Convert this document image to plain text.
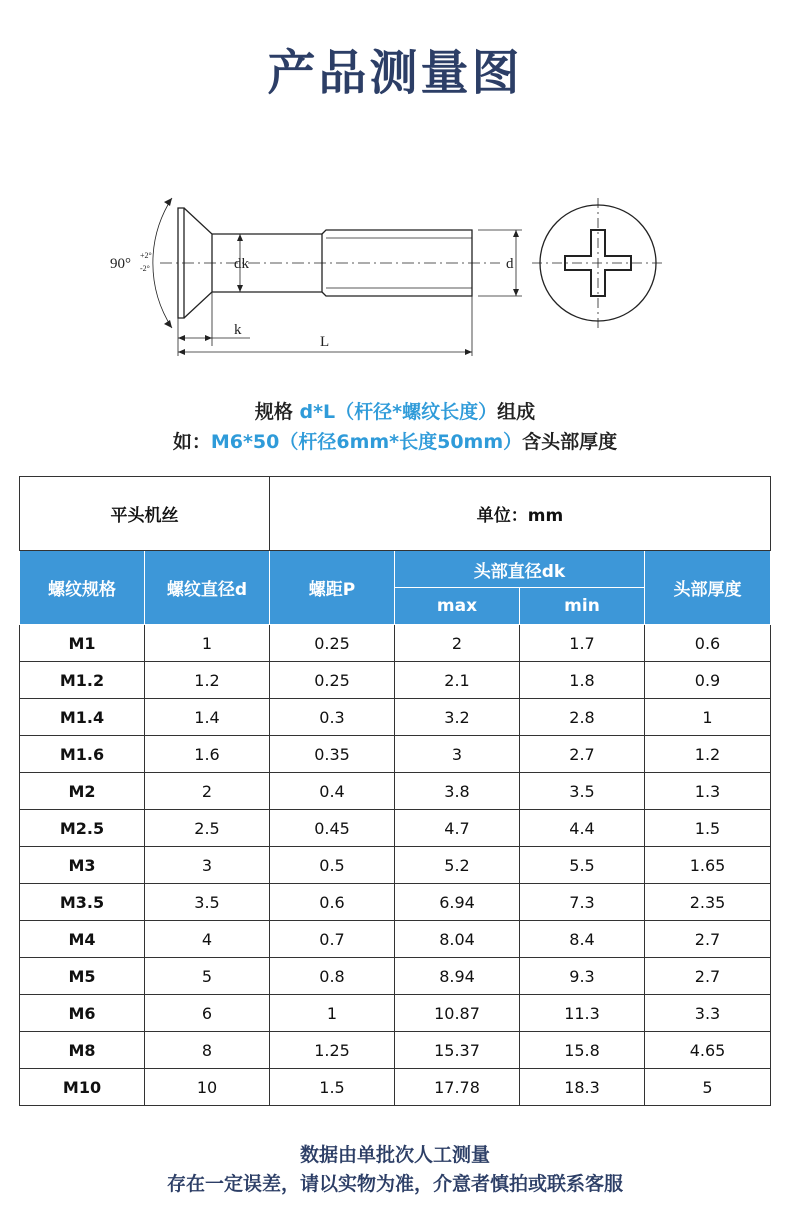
产品测量图
90°
+2°
-2°	dk	d
k
L
规格 d*L（杆径*螺纹长度）组成
如：M6*50（杆径6mm*长度50mm）含头部厚度
平头机丝		单位：mm			
螺纹规格	螺纹直径d	螺距P	头部直径dk		头部厚度
			max	min	
M1	1	0.25	2	1.7	0.6
M1.2	1.2	0.25	2.1	1.8	0.9
M1.4	1.4	0.3	3.2	2.8	1
M1.6	1.6	0.35	3	2.7	1.2
M2	2	0.4	3.8	3.5	1.3
M2.5	2.5	0.45	4.7	4.4	1.5
M3	3	0.5	5.2	5.5	1.65
M3.5	3.5	0.6	6.94	7.3	2.35
M4	4	0.7	8.04	8.4	2.7
M5	5	0.8	8.94	9.3	2.7
M6	6	1	10.87	11.3	3.3
M8	8	1.25	15.37	15.8	4.65
M10	10	1.5	17.78	18.3	5
数据由单批次人工测量
存在一定误差，请以实物为准，介意者慎拍或联系客服
